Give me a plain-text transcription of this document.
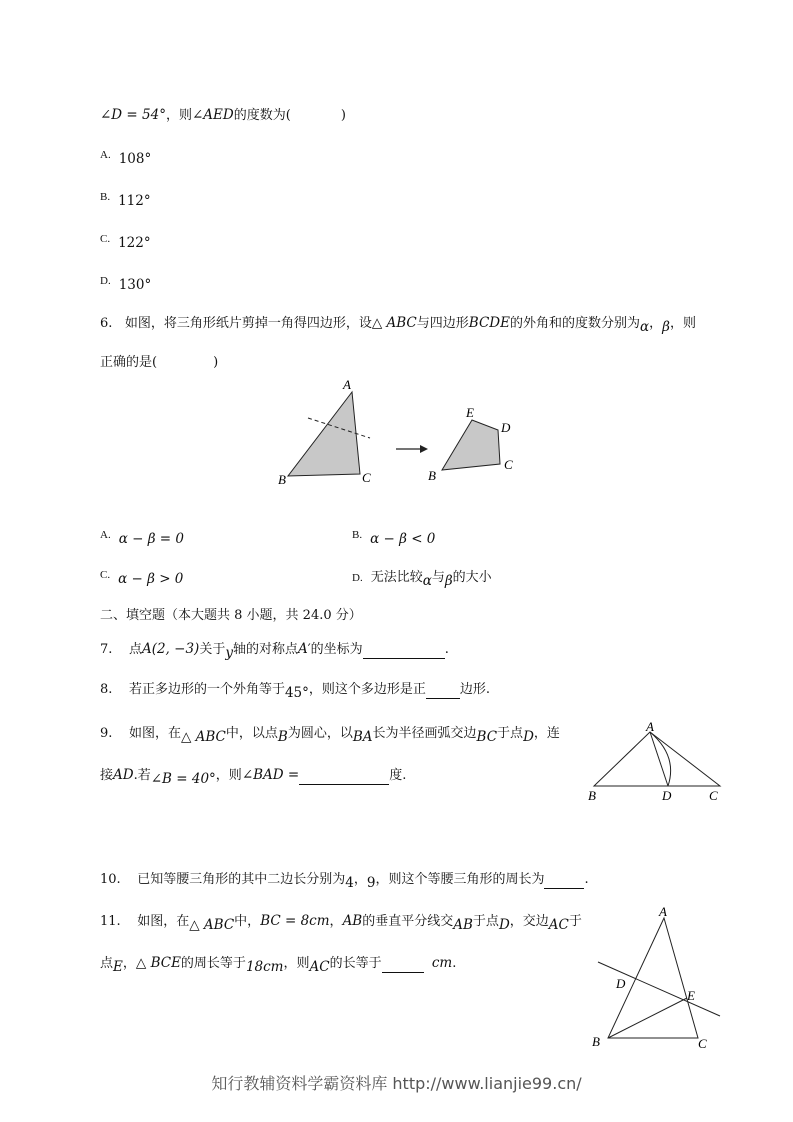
∠D = 54°，则∠AED的度数为(	)
$^{A.}$ 108°
$^{B.}$ 112°
$^{C.}$ 122°
$^{D.}$ 130°
6. 如图，将三角形纸片剪掉一角得四边形，设△ ABC与四边形BCDE的外角和的度数分别为α，β，则
正确的是(	)
A
B	C
E
D
B
C
$^{A.}$ α − β = 0	$^{B.}$ α − β < 0
$^{C.}$ α − β > 0	D. 无法比较α与β的大小
二、填空题（本大题共 8 小题，共 24.0 分）
7. 点A(2, −3)关于y轴的对称点A′的坐标为	.
8. 若正多边形的一个外角等于45°，则这个多边形是正	边形.
9. 如图，在△ ABC中，以点B为圆心，以BA长为半径画弧交边BC于点D，连
接AD.若∠B = 40°，则∠BAD =	度.
A
B	D	C
10. 已知等腰三角形的其中二边长分别为4，9，则这个等腰三角形的周长为	.
11. 如图，在△ ABC中，BC = 8cm，AB的垂直平分线交AB于点D，交边AC于
点E，△ BCE的周长等于18cm，则AC的长等于	cm.
A
D
E
B	C
知行教辅资料学霸资料库 http://www.lianjie99.cn/
